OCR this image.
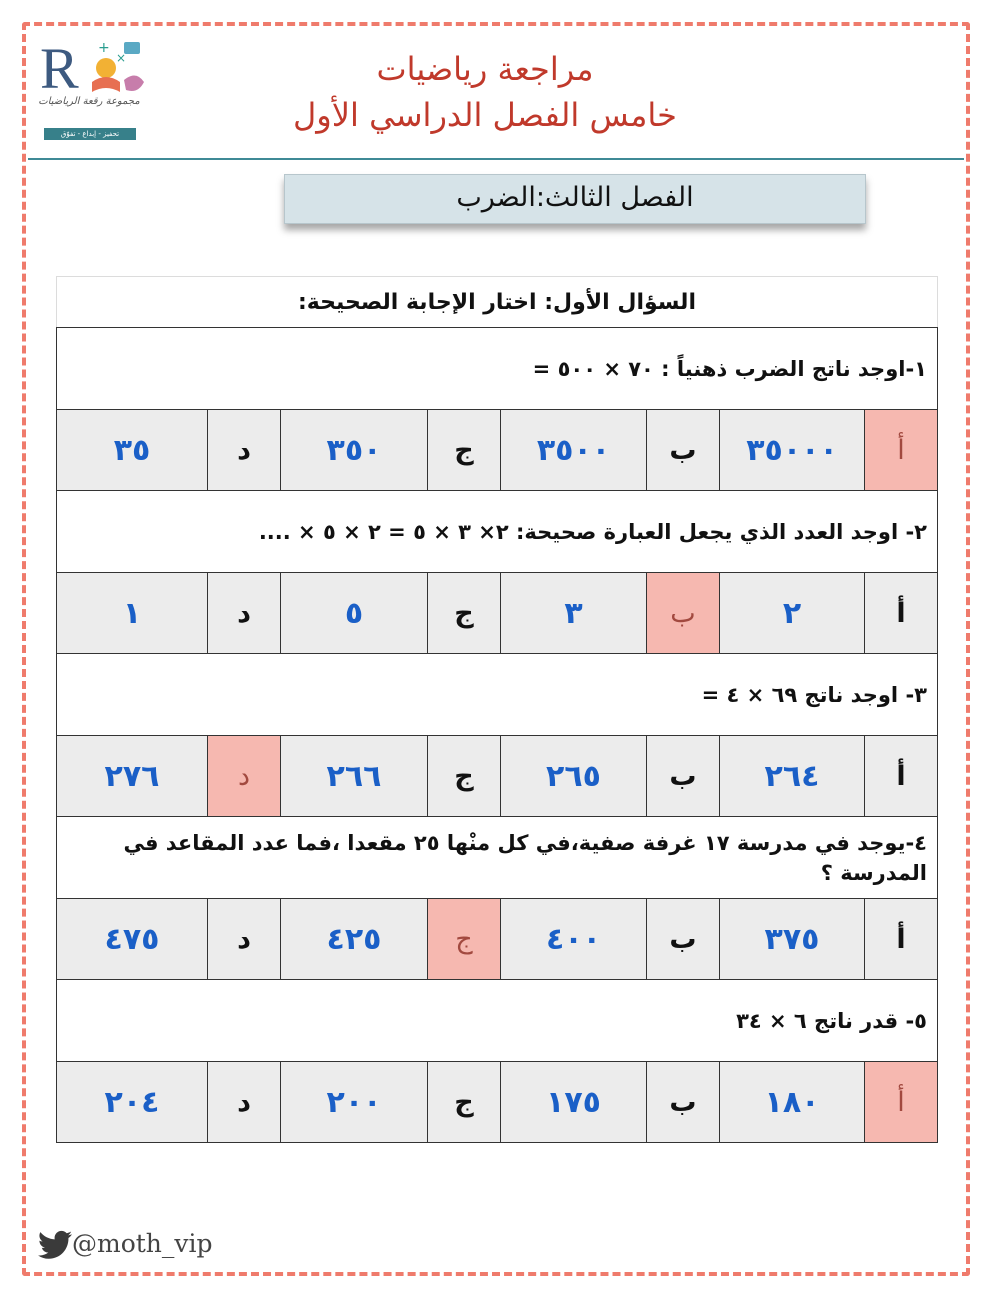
R +
×
مجموعة رقعة الرياضيات
تحفيز - إبداع - تفوّق
مراجعة رياضيات
خامس الفصل الدراسي الأول
الفصل الثالث:الضرب
السؤال الأول: اختار الإجابة الصحيحة:							
١-اوجد ناتج الضرب ذهنياً : ٧٠ × ٥٠٠ =							
أ	٣٥٠٠٠	ب	٣٥٠٠	ج	٣٥٠	د	٣٥
٢- اوجد العدد الذي يجعل العبارة صحيحة: ٢× ٣ × ٥ = ٢ × ٥ × ....							
أ	٢	ب	٣	ج	٥	د	١
٣- اوجد ناتج ٦٩ × ٤ =							
أ	٢٦٤	ب	٢٦٥	ج	٢٦٦	د	٢٧٦
٤-يوجد في مدرسة ١٧ غرفة صفية،في كل منْها ٢٥ مقعدا ،فما عدد المقاعد في المدرسة ؟							
أ	٣٧٥	ب	٤٠٠	ج	٤٢٥	د	٤٧٥
٥- قدر ناتج ٦ × ٣٤							
أ	١٨٠	ب	١٧٥	ج	٢٠٠	د	٢٠٤
@moth_vip
